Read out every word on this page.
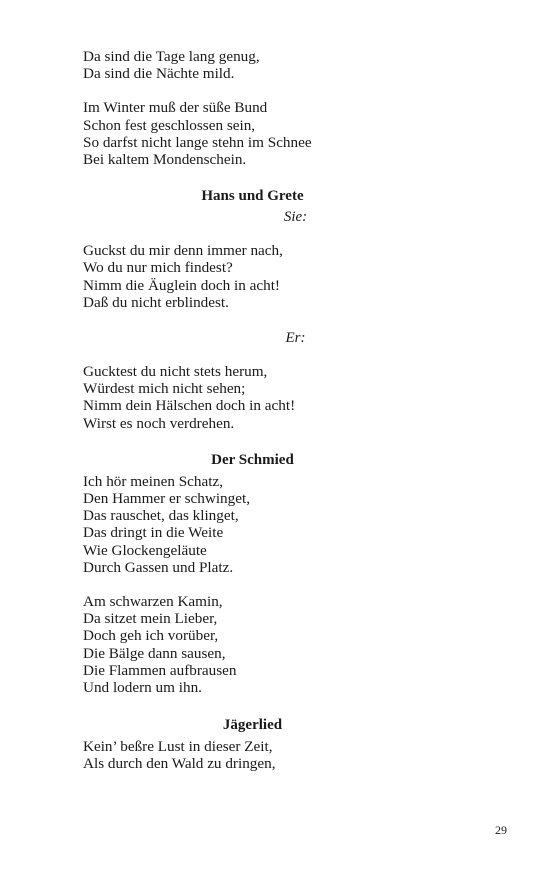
Da sind die Tage lang genug,
Da sind die Nächte mild.
Im Winter muß der süße Bund
Schon fest geschlossen sein,
So darfst nicht lange stehn im Schnee
Bei kaltem Mondenschein.
Hans und Grete
Sie:
Guckst du mir denn immer nach,
Wo du nur mich findest?
Nimm die Äuglein doch in acht!
Daß du nicht erblindest.
Er:
Gucktest du nicht stets herum,
Würdest mich nicht sehen;
Nimm dein Hälschen doch in acht!
Wirst es noch verdrehen.
Der Schmied
Ich hör meinen Schatz,
Den Hammer er schwinget,
Das rauschet, das klinget,
Das dringt in die Weite
Wie Glockengeläute
Durch Gassen und Platz.
Am schwarzen Kamin,
Da sitzet mein Lieber,
Doch geh ich vorüber,
Die Bälge dann sausen,
Die Flammen aufbrausen
Und lodern um ihn.
Jägerlied
Kein’ beßre Lust in dieser Zeit,
Als durch den Wald zu dringen,
29
